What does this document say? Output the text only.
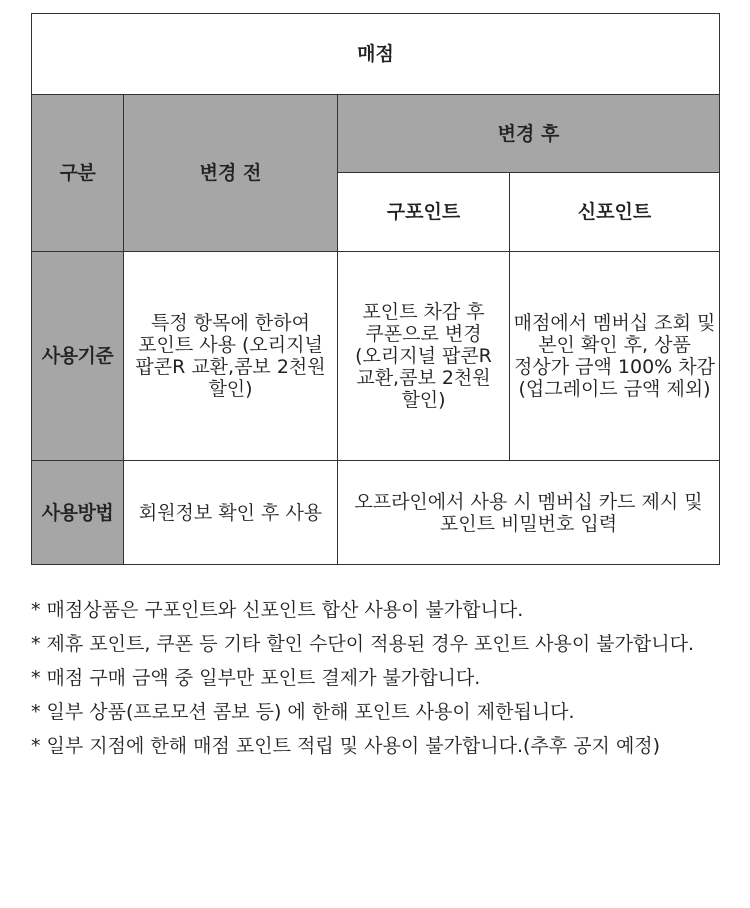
매점			
구분	변경 전	변경 후	
		구포인트	신포인트
사용기준	특정 항목에 한하여 포인트 사용 (오리지널 팝콘R 교환,콤보 2천원 할인)	포인트 차감 후 쿠폰으로 변경 (오리지널 팝콘R 교환,콤보 2천원 할인)	매점에서 멤버십 조회 및 본인 확인 후, 상품 정상가 금액 100% 차감 (업그레이드 금액 제외)
사용방법	회원정보 확인 후 사용	오프라인에서 사용 시 멤버십 카드 제시 및 포인트 비밀번호 입력	
* 매점상품은 구포인트와 신포인트 합산 사용이 불가합니다.
* 제휴 포인트, 쿠폰 등 기타 할인 수단이 적용된 경우 포인트 사용이 불가합니다.
* 매점 구매 금액 중 일부만 포인트 결제가 불가합니다.
* 일부 상품(프로모션 콤보 등) 에 한해 포인트 사용이 제한됩니다.
* 일부 지점에 한해 매점 포인트 적립 및 사용이 불가합니다.(추후 공지 예정)
